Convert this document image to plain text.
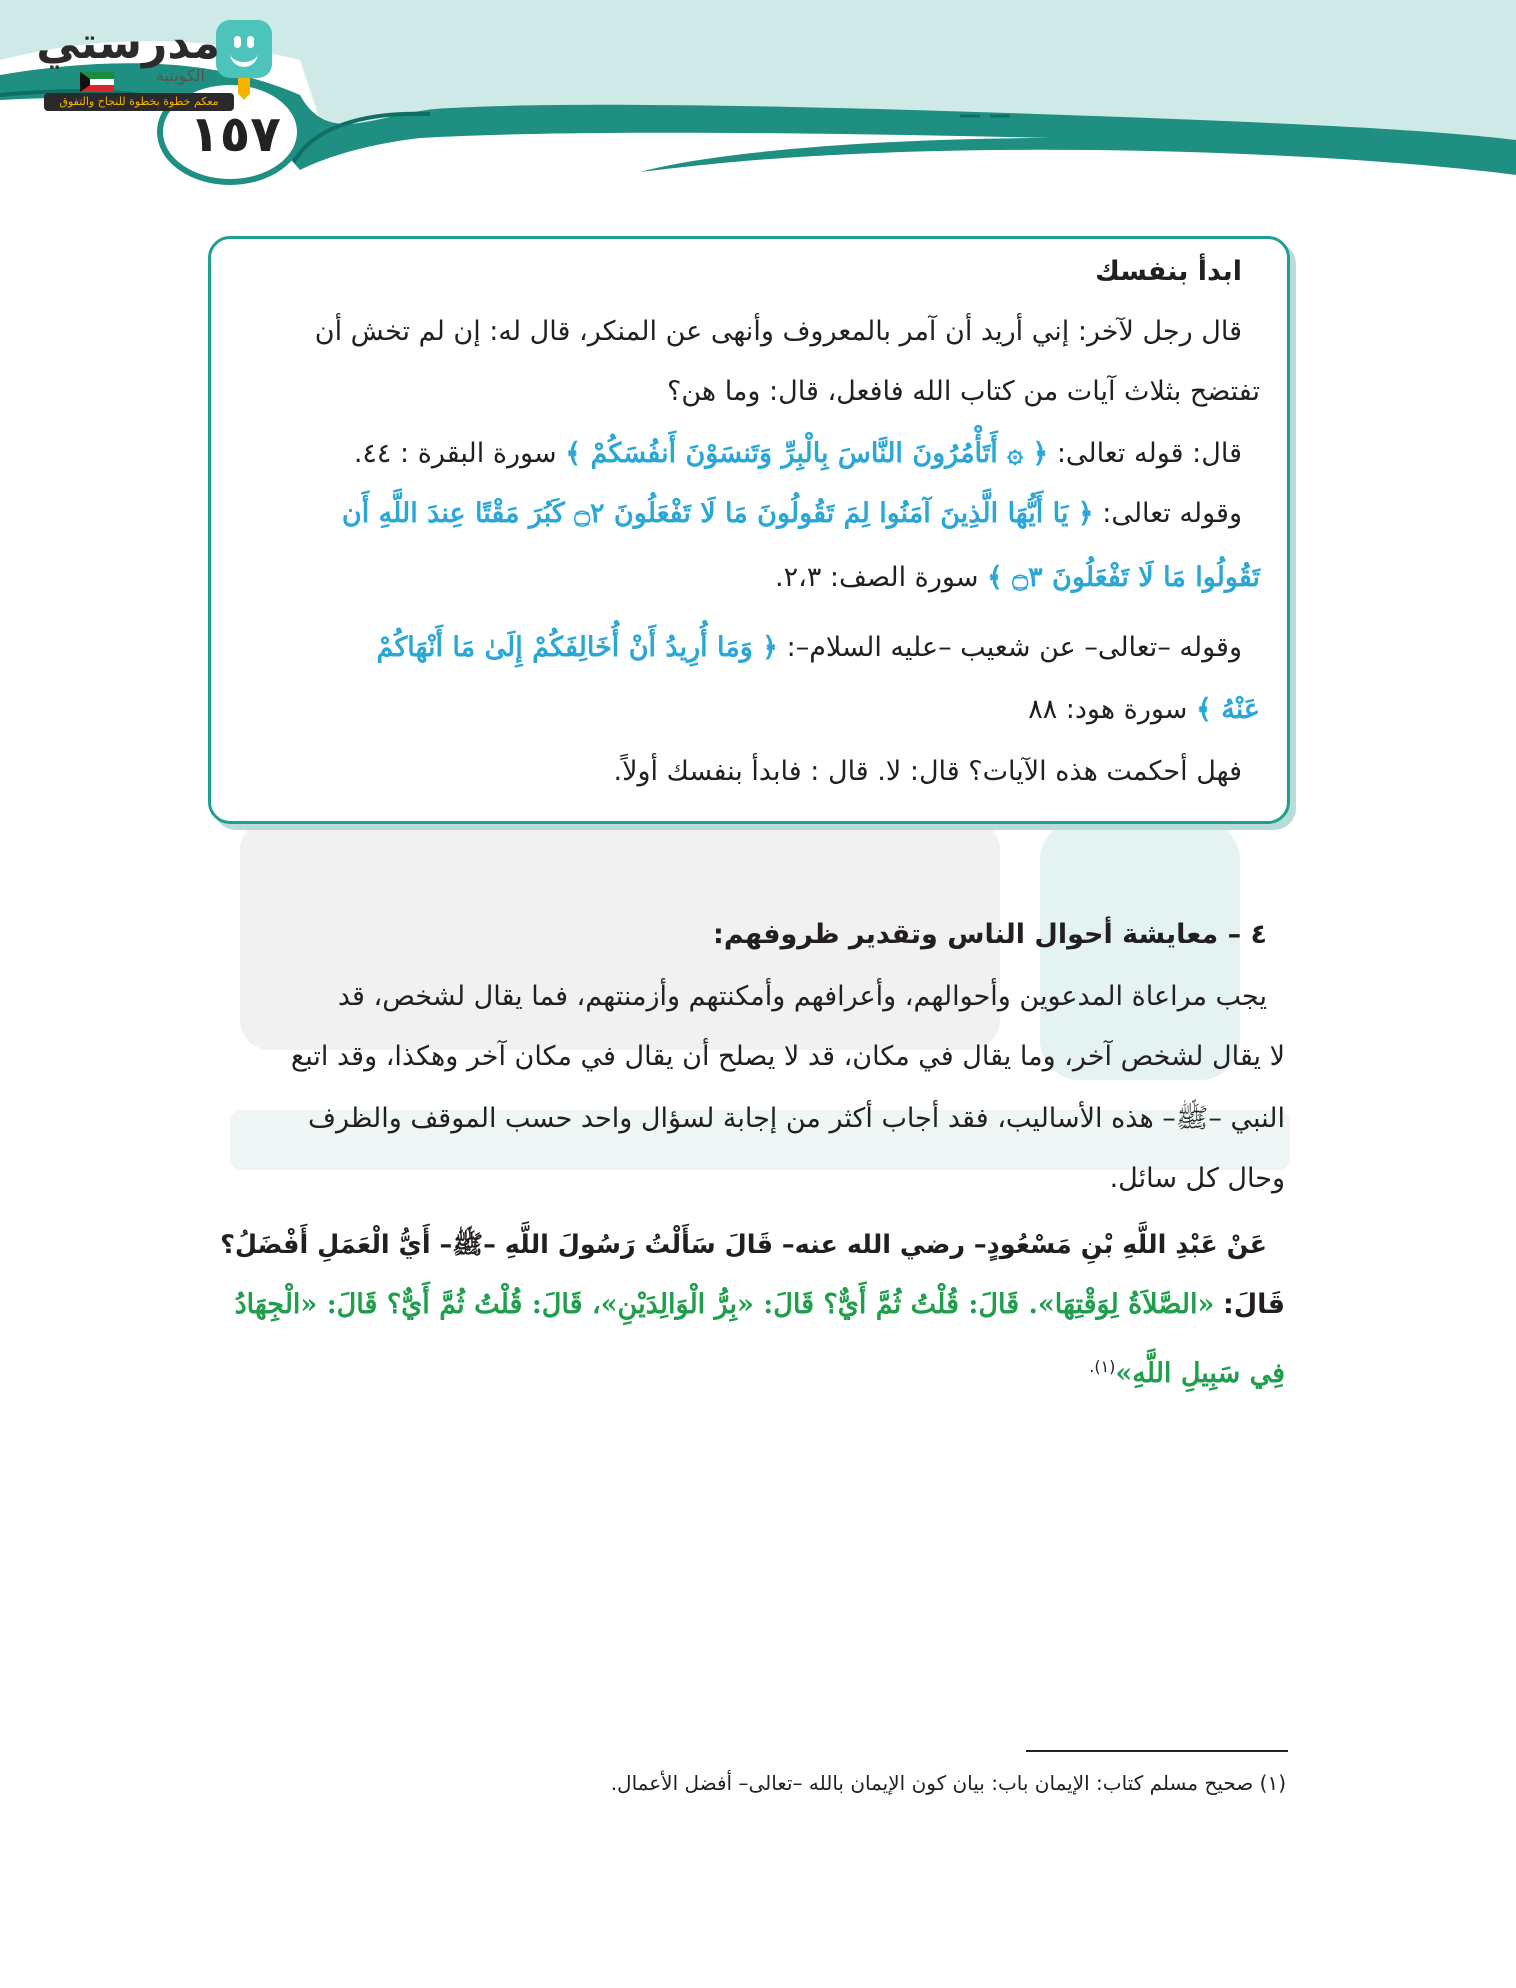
مدرستي
الكويتية
معكم خطوة بخطوة للنجاح والتفوق
١٥٧
ابدأ بنفسك
قال رجل لآخر: إني أريد أن آمر بالمعروف وأنهى عن المنكر، قال له: إن لم تخش أن
تفتضح بثلاث آيات من كتاب الله فافعل، قال: وما هن؟
قال: قوله تعالى: ﴿ ۞ أَتَأْمُرُونَ النَّاسَ بِالْبِرِّ وَتَنسَوْنَ أَنفُسَكُمْ ﴾ سورة البقرة : ٤٤.
وقوله تعالى: ﴿ يَا أَيُّهَا الَّذِينَ آمَنُوا لِمَ تَقُولُونَ مَا لَا تَفْعَلُونَ ۝٢ كَبُرَ مَقْتًا عِندَ اللَّهِ أَن
تَقُولُوا مَا لَا تَفْعَلُونَ ۝٣ ﴾ سورة الصف: ٢،٣.
وقوله –تعالى– عن شعيب –عليه السلام–: ﴿ وَمَا أُرِيدُ أَنْ أُخَالِفَكُمْ إِلَىٰ مَا أَنْهَاكُمْ
عَنْهُ ﴾ سورة هود: ٨٨
فهل أحكمت هذه الآيات؟ قال: لا. قال : فابدأ بنفسك أولاً.
٤ – معايشة أحوال الناس وتقدير ظروفهم:
يجب مراعاة المدعوين وأحوالهم، وأعرافهم وأمكنتهم وأزمنتهم، فما يقال لشخص، قد
لا يقال لشخص آخر، وما يقال في مكان، قد لا يصلح أن يقال في مكان آخر وهكذا، وقد اتبع
النبي –ﷺ– هذه الأساليب، فقد أجاب أكثر من إجابة لسؤال واحد حسب الموقف والظرف
وحال كل سائل.
عَنْ عَبْدِ اللَّهِ بْنِ مَسْعُودٍ– رضي الله عنه– قَالَ سَأَلْتُ رَسُولَ اللَّهِ –ﷺ– أَيُّ الْعَمَلِ أَفْضَلُ؟
قَالَ: «الصَّلاَةُ لِوَقْتِهَا». قَالَ: قُلْتُ ثُمَّ أَيٌّ؟ قَالَ: «بِرُّ الْوَالِدَيْنِ»، قَالَ: قُلْتُ ثُمَّ أَيٌّ؟ قَالَ: «الْجِهَادُ
فِي سَبِيلِ اللَّهِ»$^{(١).}$
(١) صحيح مسلم كتاب: الإيمان باب: بيان كون الإيمان بالله –تعالى– أفضل الأعمال.
